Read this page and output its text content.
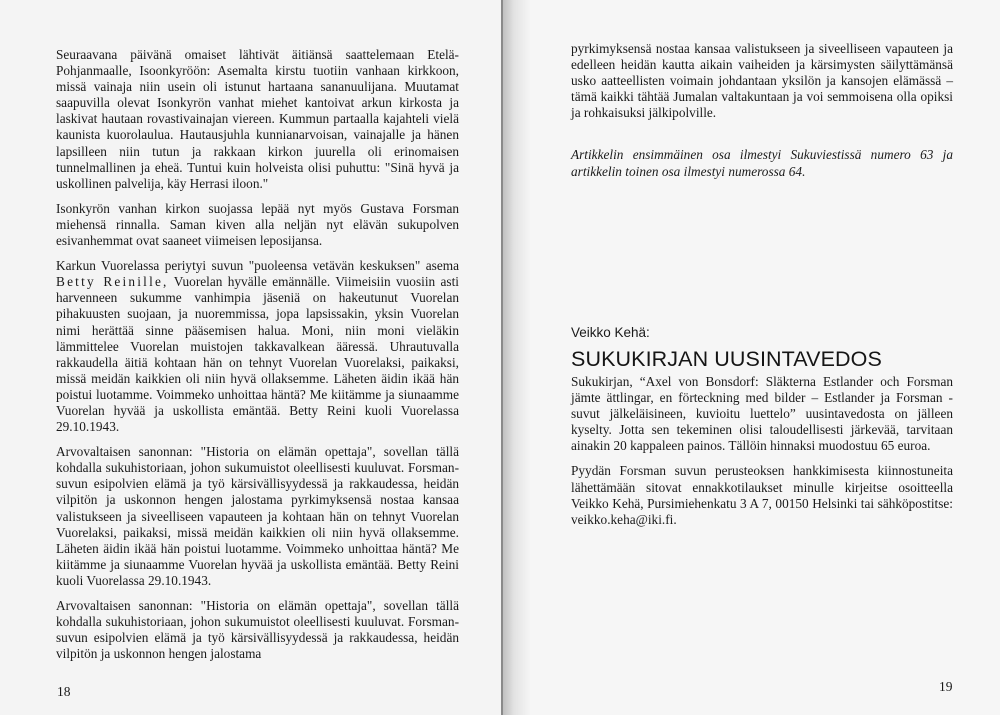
Seuraavana päivänä omaiset lähtivät äitiänsä saattelemaan Etelä-Pohjanmaalle, Isoonkyröön: Asemalta kirstu tuotiin vanhaan kirkkoon, missä vainaja niin usein oli istunut hartaana sananuulijana. Muutamat saapuvilla olevat Isonkyrön vanhat miehet kantoivat arkun kirkosta ja laskivat hautaan rovastivainajan viereen. Kummun partaalla kajahteli vielä kaunista kuorolaulua. Hautausjuhla kunnianarvoisan, vainajalle ja hänen lapsilleen niin tutun ja rakkaan kirkon juurella oli erinomaisen tunnelmallinen ja eheä. Tuntui kuin holveista olisi puhuttu: "Sinä hyvä ja uskollinen palvelija, käy Herrasi iloon."

Isonkyrön vanhan kirkon suojassa lepää nyt myös Gustava Forsman miehensä rinnalla. Saman kiven alla neljän nyt elävän sukupolven esivanhemmat ovat saaneet viimeisen leposijansa.

Karkun Vuorelassa periytyi suvun "puoleensa vetävän keskuksen" asema Betty Reinille, Vuorelan hyvälle emännälle. Viimeisiin vuosiin asti harvenneen sukumme vanhimpia jäseniä on hakeutunut Vuorelan pihakuusten suojaan, ja nuoremmissa, jopa lapsissakin, yksin Vuorelan nimi herättää sinne pääsemisen halua. Moni, niin moni vieläkin lämmittelee Vuorelan muistojen takkavalkean ääressä. Uhrautuvalla rakkaudella äitiä kohtaan hän on tehnyt Vuorelan Vuorelaksi, paikaksi, missä meidän kaikkien oli niin hyvä ollaksemme. Läheten äidin ikää hän poistui luotamme. Voimmeko unhoittaa häntä? Me kiitämme ja siunaamme Vuorelan hyvää ja uskollista emäntää. Betty Reini kuoli Vuorelassa 29.10.1943.

Arvovaltaisen sanonnan: "Historia on elämän opettaja", sovellan tällä kohdalla sukuhistoriaan, johon sukumuistot oleellisesti kuuluvat. Forsman-suvun esipolvien elämä ja työ kärsivällisyydessä ja rakkaudessa, heidän vilpitön ja uskonnon hengen jalostama pyrkimyksensä nostaa kansaa valistukseen ja siveelliseen vapauteen ja kohtaan hän on tehnyt Vuorelan Vuorelaksi, paikaksi, missä meidän kaikkien oli niin hyvä ollaksemme. Läheten äidin ikää hän poistui luotamme. Voimmeko unhoittaa häntä? Me kiitämme ja siunaamme Vuorelan hyvää ja uskollista emäntää. Betty Reini kuoli Vuorelassa 29.10.1943.

Arvovaltaisen sanonnan: "Historia on elämän opettaja", sovellan tällä kohdalla sukuhistoriaan, johon sukumuistot oleellisesti kuuluvat. Forsman-suvun esipolvien elämä ja työ kärsivällisyydessä ja rakkaudessa, heidän vilpitön ja uskonnon hengen jalostama

18

pyrkimyksensä nostaa kansaa valistukseen ja siveelliseen vapauteen ja edelleen heidän kautta aikain vaiheiden ja kärsimysten säilyttämänsä usko aatteellisten voimain johdantaan yksilön ja kansojen elämässä – tämä kaikki tähtää Jumalan valtakuntaan ja voi semmoisena olla opiksi ja rohkaisuksi jälkipolville.

Artikkelin ensimmäinen osa ilmestyi Sukuviestissä numero 63 ja artikkelin toinen osa ilmestyi numerossa 64.

Veikko Kehä:
SUKUKIRJAN UUSINTAVEDOS

Sukukirjan, “Axel von Bonsdorf: Släkterna Estlander och Forsman jämte ättlingar, en förteckning med bilder – Estlander ja Forsman -suvut jälkeläisineen, kuvioitu luettelo” uusintavedosta on jälleen kyselty. Jotta sen tekeminen olisi taloudellisesti järkevää, tarvitaan ainakin 20 kappaleen painos. Tällöin hinnaksi muodostuu 65 euroa.

Pyydän Forsman suvun perusteoksen hankkimisesta kiinnostuneita lähettämään sitovat ennakkotilaukset minulle kirjeitse osoitteella Veikko Kehä, Pursimiehenkatu 3 A 7, 00150 Helsinki tai sähköpostitse: veikko.keha@iki.fi.

19
